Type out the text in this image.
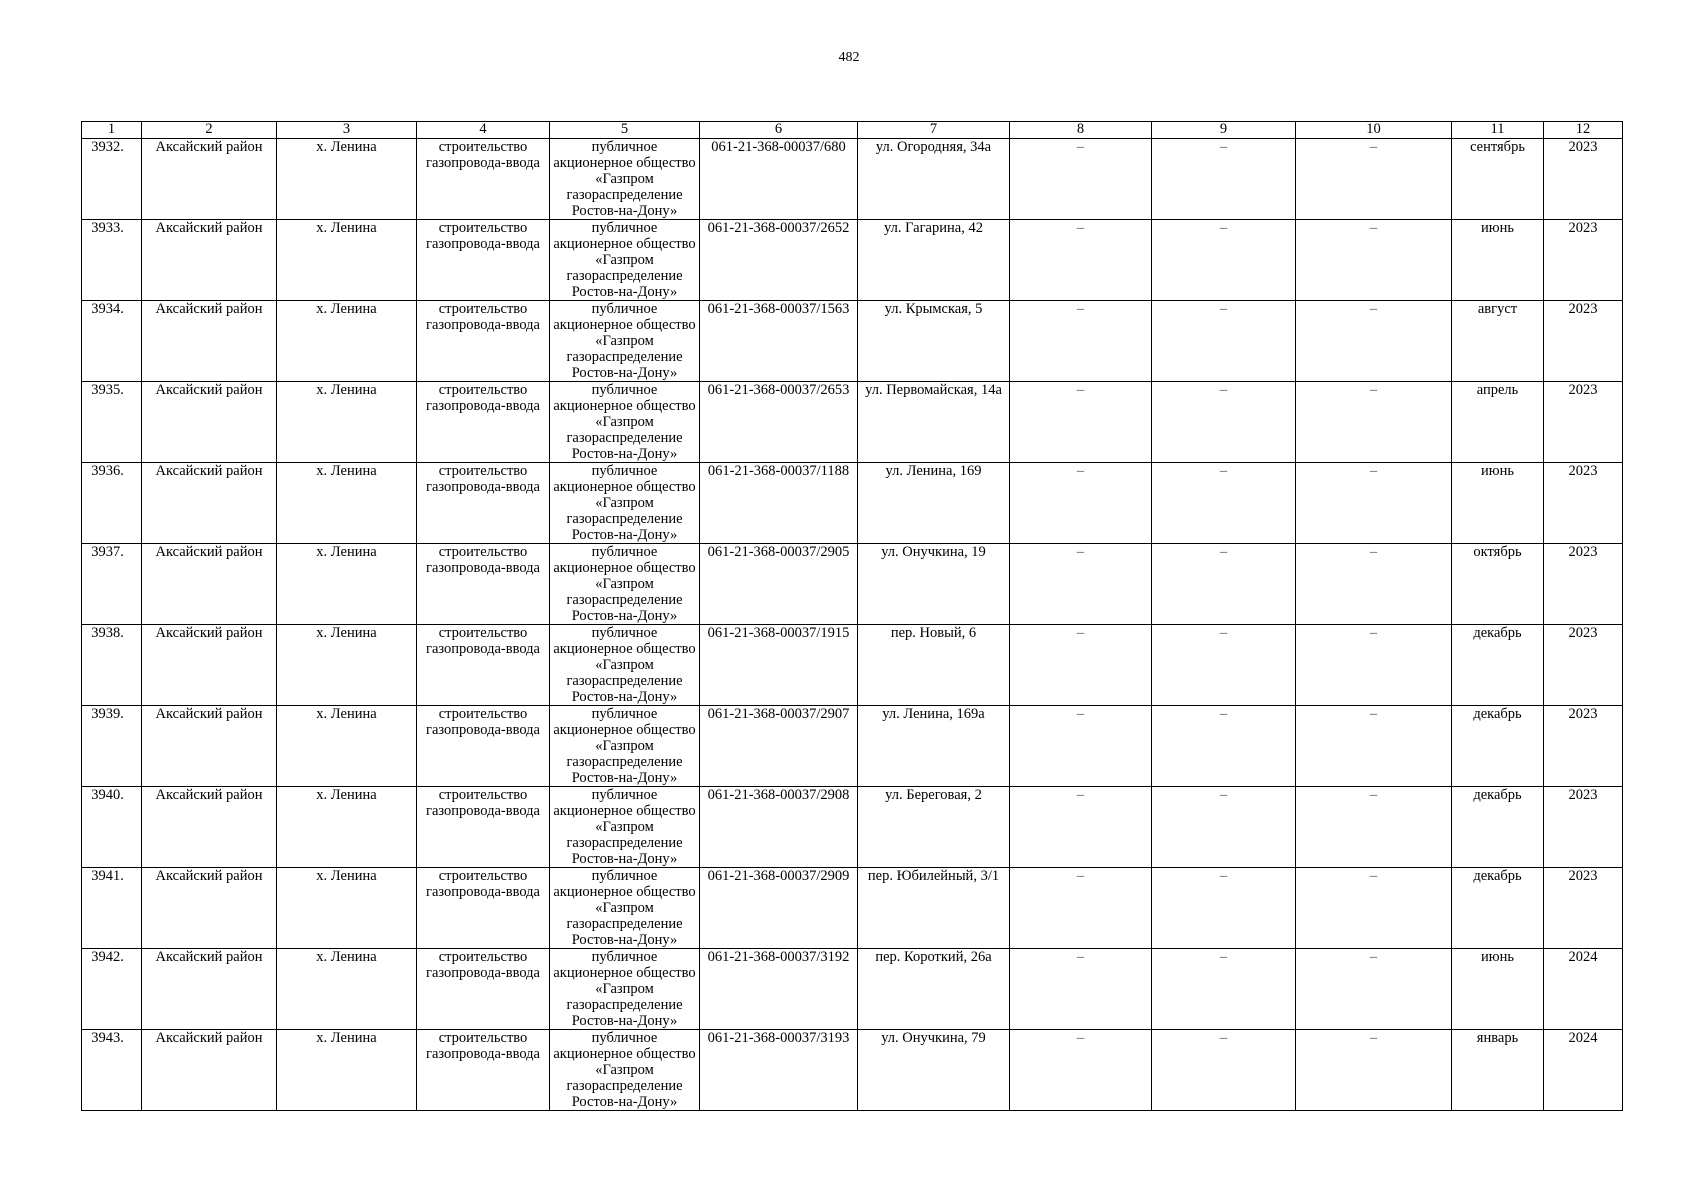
482
1	2	3	4	5	6	7	8	9	10	11	12
3932.	Аксайский район	х. Ленина	строительство газопровода-ввода	публичное акционерное общество «Газпром газораспределение Ростов-на-Дону»	061-21-368-00037/680	ул. Огородняя, 34а	–	–	–	сентябрь	2023
3933.	Аксайский район	х. Ленина	строительство газопровода-ввода	публичное акционерное общество «Газпром газораспределение Ростов-на-Дону»	061-21-368-00037/2652	ул. Гагарина, 42	–	–	–	июнь	2023
3934.	Аксайский район	х. Ленина	строительство газопровода-ввода	публичное акционерное общество «Газпром газораспределение Ростов-на-Дону»	061-21-368-00037/1563	ул. Крымская, 5	–	–	–	август	2023
3935.	Аксайский район	х. Ленина	строительство газопровода-ввода	публичное акционерное общество «Газпром газораспределение Ростов-на-Дону»	061-21-368-00037/2653	ул. Первомайская, 14а	–	–	–	апрель	2023
3936.	Аксайский район	х. Ленина	строительство газопровода-ввода	публичное акционерное общество «Газпром газораспределение Ростов-на-Дону»	061-21-368-00037/1188	ул. Ленина, 169	–	–	–	июнь	2023
3937.	Аксайский район	х. Ленина	строительство газопровода-ввода	публичное акционерное общество «Газпром газораспределение Ростов-на-Дону»	061-21-368-00037/2905	ул. Онучкина, 19	–	–	–	октябрь	2023
3938.	Аксайский район	х. Ленина	строительство газопровода-ввода	публичное акционерное общество «Газпром газораспределение Ростов-на-Дону»	061-21-368-00037/1915	пер. Новый, 6	–	–	–	декабрь	2023
3939.	Аксайский район	х. Ленина	строительство газопровода-ввода	публичное акционерное общество «Газпром газораспределение Ростов-на-Дону»	061-21-368-00037/2907	ул. Ленина, 169а	–	–	–	декабрь	2023
3940.	Аксайский район	х. Ленина	строительство газопровода-ввода	публичное акционерное общество «Газпром газораспределение Ростов-на-Дону»	061-21-368-00037/2908	ул. Береговая, 2	–	–	–	декабрь	2023
3941.	Аксайский район	х. Ленина	строительство газопровода-ввода	публичное акционерное общество «Газпром газораспределение Ростов-на-Дону»	061-21-368-00037/2909	пер. Юбилейный, 3/1	–	–	–	декабрь	2023
3942.	Аксайский район	х. Ленина	строительство газопровода-ввода	публичное акционерное общество «Газпром газораспределение Ростов-на-Дону»	061-21-368-00037/3192	пер. Короткий, 26а	–	–	–	июнь	2024
3943.	Аксайский район	х. Ленина	строительство газопровода-ввода	публичное акционерное общество «Газпром газораспределение Ростов-на-Дону»	061-21-368-00037/3193	ул. Онучкина, 79	–	–	–	январь	2024
